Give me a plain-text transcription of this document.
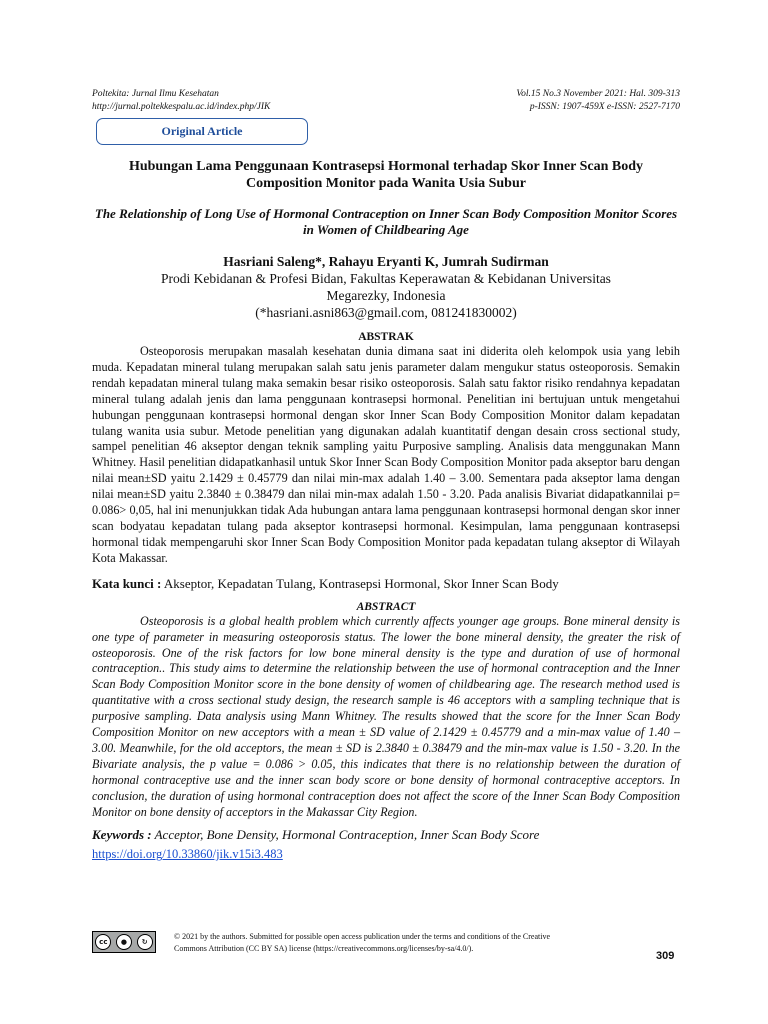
Poltekita: Jurnal Ilmu Kesehatan
http://jurnal.poltekkespalu.ac.id/index.php/JIK
Vol.15 No.3 November 2021: Hal. 309-313
p-ISSN: 1907-459X e-ISSN: 2527-7170
Original Article
Hubungan Lama Penggunaan Kontrasepsi Hormonal terhadap Skor Inner Scan Body Composition Monitor pada Wanita Usia Subur
The Relationship of Long Use of Hormonal Contraception on Inner Scan Body Composition Monitor Scores in Women of Childbearing Age
Hasriani Saleng*, Rahayu Eryanti K, Jumrah Sudirman
Prodi Kebidanan & Profesi Bidan, Fakultas Keperawatan & Kebidanan Universitas
Megarezky, Indonesia
(*hasriani.asni863@gmail.com, 081241830002)
ABSTRAK

Osteoporosis merupakan masalah kesehatan dunia dimana saat ini diderita oleh kelompok usia yang lebih muda. Kepadatan mineral tulang merupakan salah satu jenis parameter dalam mengukur status osteoporosis. Semakin rendah kepadatan mineral tulang maka semakin besar risiko osteoporosis. Salah satu faktor risiko rendahnya kepadatan mineral tulang adalah jenis dan lama penggunaan kontrasepsi hormonal. Penelitian ini bertujuan untuk mengetahui hubungan penggunaan kontrasepsi hormonal dengan skor Inner Scan Body Composition Monitor dalam kepadatan tulang wanita usia subur. Metode penelitian yang digunakan adalah kuantitatif dengan desain cross sectional study, sampel penelitian 46 akseptor dengan teknik sampling yaitu Purposive sampling. Analisis data menggunakan Mann Whitney. Hasil penelitian didapatkanhasil untuk Skor Inner Scan Body Composition Monitor pada akseptor baru dengan nilai mean±SD yaitu 2.1429 ± 0.45779 dan nilai min-max adalah 1.40 – 3.00. Sementara pada akseptor lama dengan nilai mean±SD yaitu 2.3840 ± 0.38479 dan nilai min-max adalah 1.50 - 3.20. Pada analisis Bivariat didapatkannilai p= 0.086> 0,05, hal ini menunjukkan tidak Ada hubungan antara lama penggunaan kontrasepsi hormonal dengan skor inner scan bodyatau kepadatan tulang pada akseptor kontrasepsi hormonal. Kesimpulan, lama penggunaan kontrasepsi hormonal tidak mempengaruhi skor Inner Scan Body Composition Monitor pada kepadatan tulang akseptor di Wilayah Kota Makassar.

Kata kunci : Akseptor, Kepadatan Tulang, Kontrasepsi Hormonal, Skor Inner Scan Body
ABSTRACT

Osteoporosis is a global health problem which currently affects younger age groups. Bone mineral density is one type of parameter in measuring osteoporosis status. The lower the bone mineral density, the greater the risk of osteoporosis. One of the risk factors for low bone mineral density is the type and duration of use of hormonal contraception.. This study aims to determine the relationship between the use of hormonal contraception and the Inner Scan Body Composition Monitor score in the bone density of women of childbearing age. The research method used is quantitative with a cross sectional study design, the research sample is 46 acceptors with a sampling technique that is purposive sampling. Data analysis using Mann Whitney. The results showed that the score for the Inner Scan Body Composition Monitor on new acceptors with a mean ± SD value of 2.1429 ± 0.45779 and a min-max value of 1.40 – 3.00. Meanwhile, for the old acceptors, the mean ± SD is 2.3840 ± 0.38479 and the min-max value is 1.50 - 3.20. In the Bivariate analysis, the p value = 0.086 > 0.05, this indicates that there is no relationship between the duration of hormonal contraceptive use and the inner scan body score or bone density of hormonal contraceptive acceptors. In conclusion, the duration of using hormonal contraception does not affect the score of the Inner Scan Body Composition Monitor on bone density of acceptors in the Makassar City Region.

Keywords : Acceptor, Bone Density, Hormonal Contraception, Inner Scan Body Score
https://doi.org/10.33860/jik.v15i3.483
cc	●	↻
© 2021 by the authors. Submitted for possible open access publication under the terms and conditions of the Creative
Commons Attribution (CC BY SA) license (https://creativecommons.org/licenses/by-sa/4.0/).
309
